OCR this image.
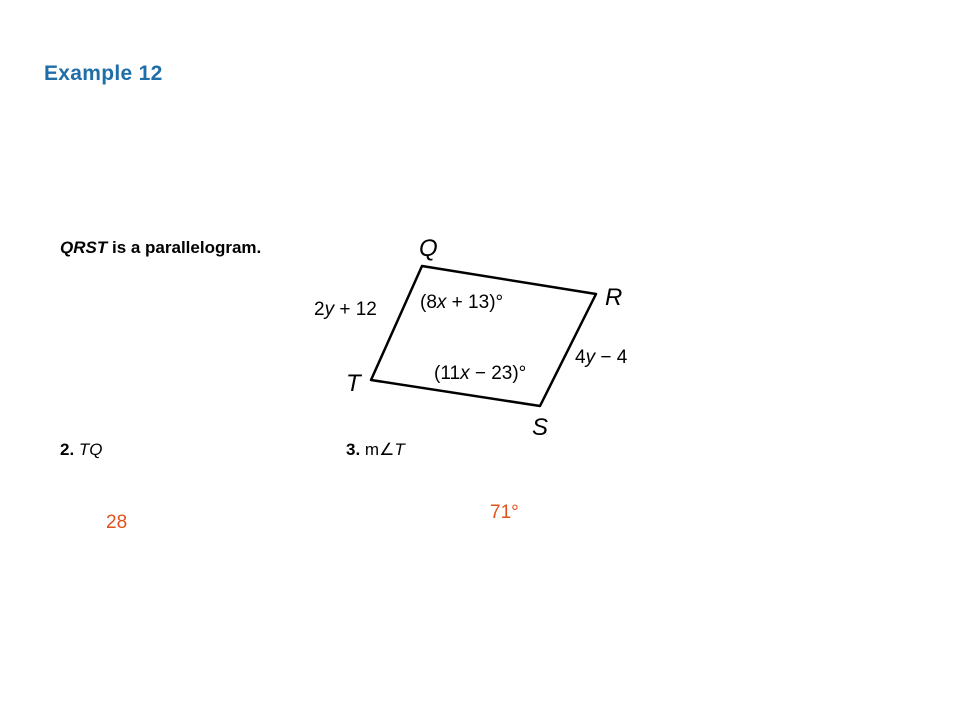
Example 12
QRST is a parallelogram.	Q
R
S
T
2y + 12
4y − 4
(8x + 13)°
(11x − 23)°
2. TQ	3. m∠T
28	71°
